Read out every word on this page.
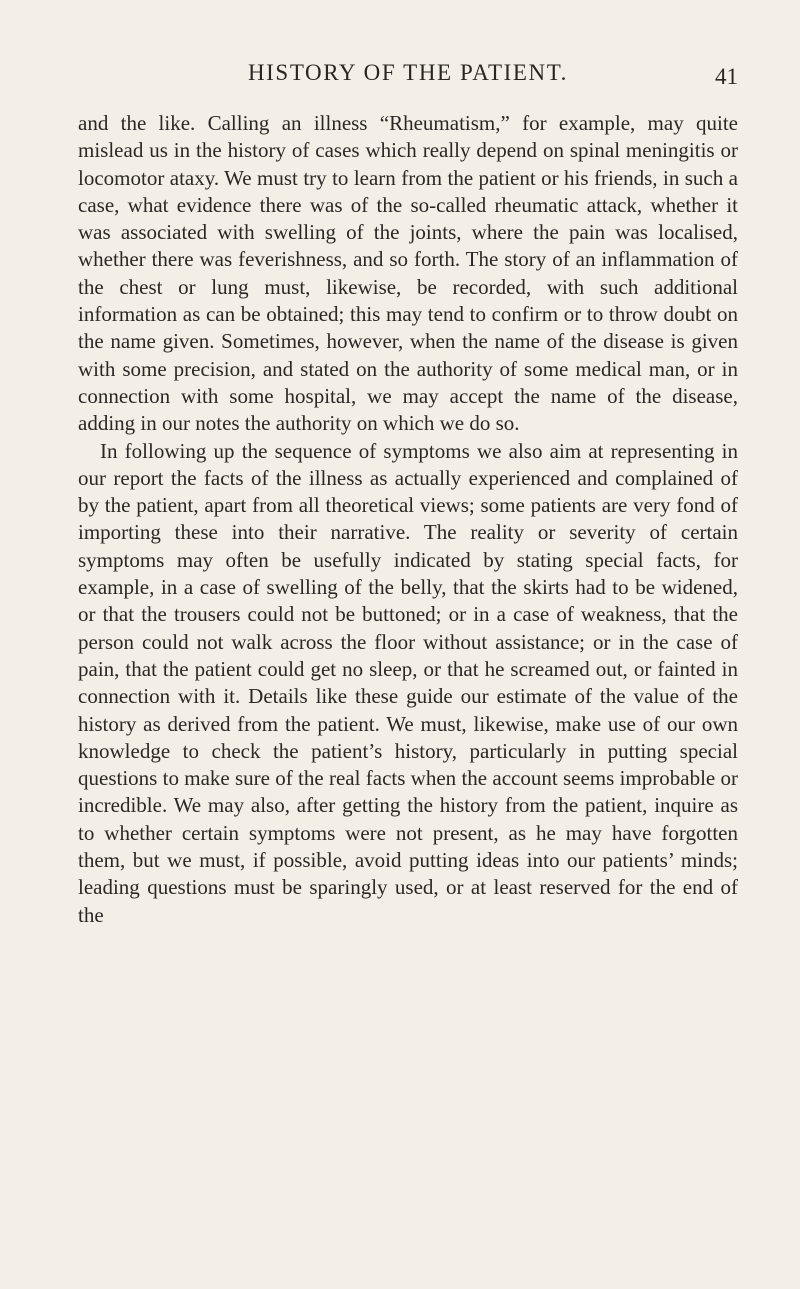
HISTORY OF THE PATIENT.	41

and the like. Calling an illness “Rheumatism,” for example, may quite mislead us in the history of cases which really depend on spinal meningitis or locomotor ataxy. We must try to learn from the patient or his friends, in such a case, what evidence there was of the so-called rheumatic attack, whether it was associated with swelling of the joints, where the pain was localised, whether there was feverishness, and so forth. The story of an inflammation of the chest or lung must, likewise, be recorded, with such additional information as can be obtained; this may tend to confirm or to throw doubt on the name given. Sometimes, however, when the name of the disease is given with some precision, and stated on the authority of some medical man, or in connection with some hospital, we may accept the name of the disease, adding in our notes the authority on which we do so.

In following up the sequence of symptoms we also aim at representing in our report the facts of the illness as actually experienced and complained of by the patient, apart from all theoretical views; some patients are very fond of importing these into their narrative. The reality or severity of certain symptoms may often be usefully indicated by stating special facts, for example, in a case of swelling of the belly, that the skirts had to be widened, or that the trousers could not be buttoned; or in a case of weakness, that the person could not walk across the floor without assistance; or in the case of pain, that the patient could get no sleep, or that he screamed out, or fainted in connection with it. Details like these guide our estimate of the value of the history as derived from the patient. We must, likewise, make use of our own knowledge to check the patient’s history, particularly in putting special questions to make sure of the real facts when the account seems improbable or incredible. We may also, after getting the history from the patient, inquire as to whether certain symptoms were not present, as he may have forgotten them, but we must, if possible, avoid putting ideas into our patients’ minds; leading questions must be sparingly used, or at least reserved for the end of the
